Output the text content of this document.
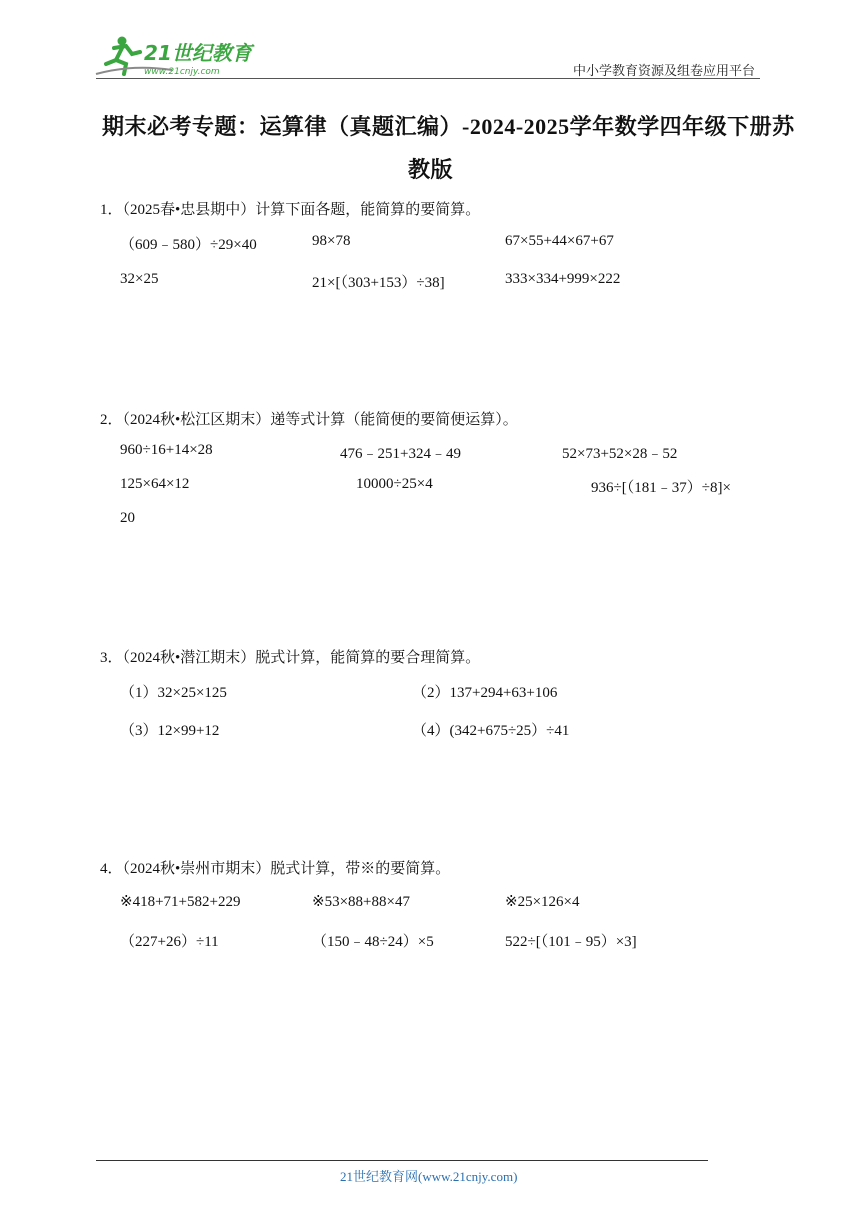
21世纪教育
www.21cnjy.com	中小学教育资源及组卷应用平台
期末必考专题：运算律（真题汇编）-2024-2025学年数学四年级下册苏
教版
1．（2025春•忠县期中）计算下面各题，能简算的要简算。
（609﹣580）÷29×40	98×78	67×55+44×67+67
32×25	21×[（303+153）÷38]	333×334+999×222
2．（2024秋•松江区期末）递等式计算（能简便的要简便运算）。
960÷16+14×28	476﹣251+324﹣49	52×73+52×28﹣52
125×64×12	10000÷25×4	936÷[（181﹣37）÷8]×
20
3．（2024秋•潜江期末）脱式计算，能简算的要合理简算。
（1）32×25×125	（2）137+294+63+106
（3）12×99+12	（4）(342+675÷25）÷41
4．（2024秋•崇州市期末）脱式计算，带※的要简算。
※418+71+582+229	※53×88+88×47	※25×126×4
（227+26）÷11	（150﹣48÷24）×5	522÷[（101﹣95）×3]
21世纪教育网(www.21cnjy.com)
